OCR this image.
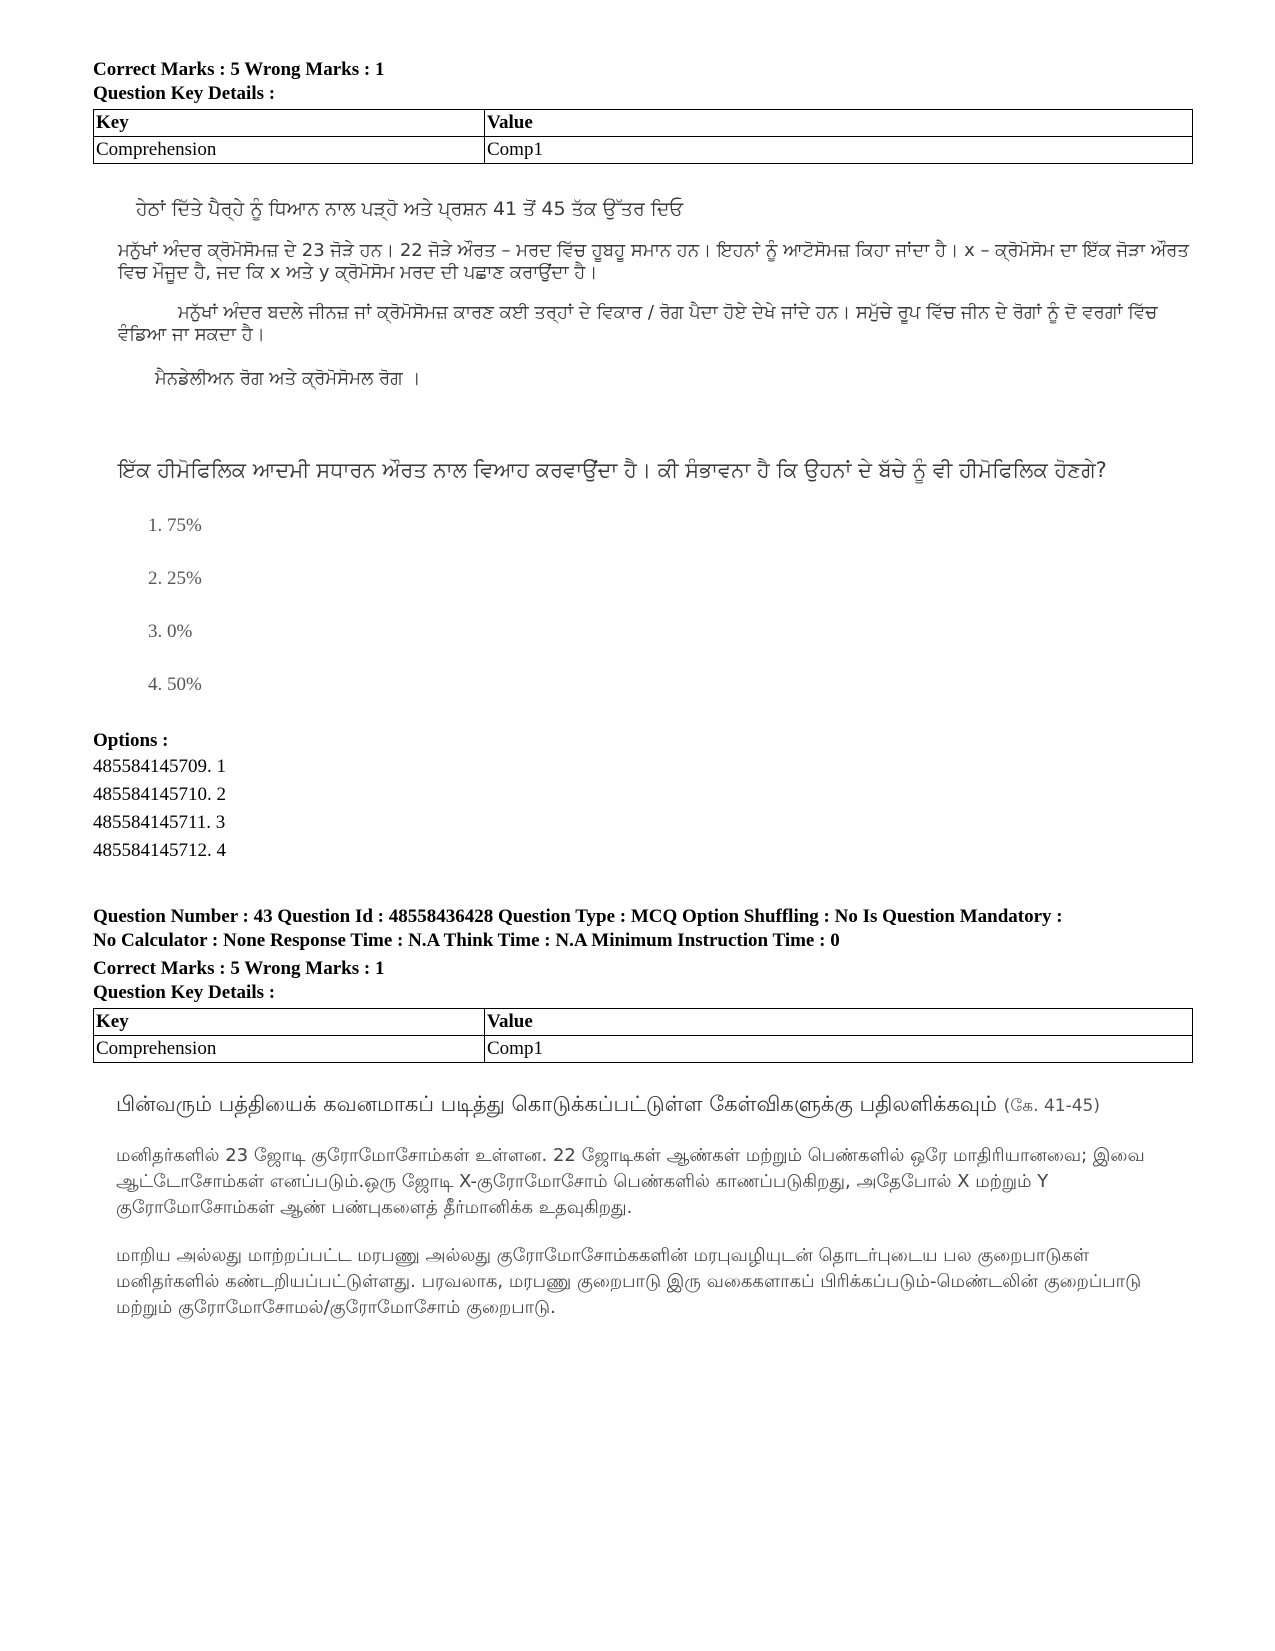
Correct Marks : 5 Wrong Marks : 1
Question Key Details :
Key	Value
Comprehension	Comp1
ਹੇਠਾਂ ਦਿੱਤੇ ਪੈਰ੍ਹੇ ਨੂੰ ਧਿਆਨ ਨਾਲ ਪੜ੍ਹੋ ਅਤੇ ਪ੍ਰਸ਼ਨ 41 ਤੋਂ 45 ਤੱਕ ਉੱਤਰ ਦਿਓ
ਮਨੁੱਖਾਂ ਅੰਦਰ ਕ੍ਰੋਮੋਸੋਮਜ਼ ਦੇ 23 ਜੋੜੇ ਹਨ। 22 ਜੋੜੇ ਔਰਤ – ਮਰਦ ਵਿੱਚ ਹੂਬਹੂ ਸਮਾਨ ਹਨ। ਇਹਨਾਂ ਨੂੰ ਆਟੋਸੋਮਜ਼ ਕਿਹਾ ਜਾਂਦਾ ਹੈ। x – ਕ੍ਰੋਮੋਸੋਮ ਦਾ ਇੱਕ ਜੋੜਾ ਔਰਤ ਵਿਚ ਮੌਜੂਦ ਹੈ, ਜਦ ਕਿ x ਅਤੇ y ਕ੍ਰੋਮੋਸੋਮ ਮਰਦ ਦੀ ਪਛਾਣ ਕਰਾਉਂਦਾ ਹੈ।
ਮਨੁੱਖਾਂ ਅੰਦਰ ਬਦਲੇ ਜੀਨਜ਼ ਜਾਂ ਕ੍ਰੋਮੋਸੋਮਜ਼ ਕਾਰਣ ਕਈ ਤਰ੍ਹਾਂ ਦੇ ਵਿਕਾਰ / ਰੋਗ ਪੈਦਾ ਹੋਏ ਦੇਖੇ ਜਾਂਦੇ ਹਨ। ਸਮੁੱਚੇ ਰੂਪ ਵਿੱਚ ਜੀਨ ਦੇ ਰੋਗਾਂ ਨੂੰ ਦੋ ਵਰਗਾਂ ਵਿੱਚ ਵੰਡਿਆ ਜਾ ਸਕਦਾ ਹੈ।
ਮੈਨਡੇਲੀਅਨ ਰੋਗ ਅਤੇ ਕ੍ਰੋਮੋਸੋਮਲ ਰੋਗ ।
ਇੱਕ ਹੀਮੋਫਿਲਿਕ ਆਦਮੀ ਸਧਾਰਨ ਔਰਤ ਨਾਲ ਵਿਆਹ ਕਰਵਾਉਂਦਾ ਹੈ। ਕੀ ਸੰਭਾਵਨਾ ਹੈ ਕਿ ਉਹਨਾਂ ਦੇ ਬੱਚੇ ਨੂੰ ਵੀ ਹੀਮੋਫਿਲਿਕ ਹੋਣਗੇ?
1. 75%
2. 25%
3. 0%
4. 50%
Options :
485584145709. 1
485584145710. 2
485584145711. 3
485584145712. 4
Question Number : 43 Question Id : 48558436428 Question Type : MCQ Option Shuffling : No Is Question Mandatory :
No Calculator : None Response Time : N.A Think Time : N.A Minimum Instruction Time : 0
Correct Marks : 5 Wrong Marks : 1
Question Key Details :
Key	Value
Comprehension	Comp1
பின்வரும் பத்தியைக் கவனமாகப் படித்து கொடுக்கப்பட்டுள்ள கேள்விகளுக்கு பதிலளிக்கவும் (கே. 41-45)
மனிதர்களில் 23 ஜோடி குரோமோசோம்கள் உள்ளன. 22 ஜோடிகள் ஆண்கள் மற்றும் பெண்களில் ஒரே மாதிரியானவை; இவை ஆட்டோசோம்கள் எனப்படும்.ஒரு ஜோடி X-குரோமோசோம் பெண்களில் காணப்படுகிறது, அதேபோல் X மற்றும் Y குரோமோசோம்கள் ஆண் பண்புகளைத் தீர்மானிக்க உதவுகிறது.
மாறிய அல்லது மாற்றப்பட்ட மரபணு அல்லது குரோமோசோம்ககளின் மரபுவழியுடன் தொடர்புடைய பல குறைபாடுகள் மனிதர்களில் கண்டறியப்பட்டுள்ளது. பரவலாக, மரபணு குறைபாடு இரு வகைகளாகப் பிரிக்கப்படும்-மெண்டலின் குறைப்பாடு மற்றும் குரோமோசோமல்/குரோமோசோம் குறைபாடு.
